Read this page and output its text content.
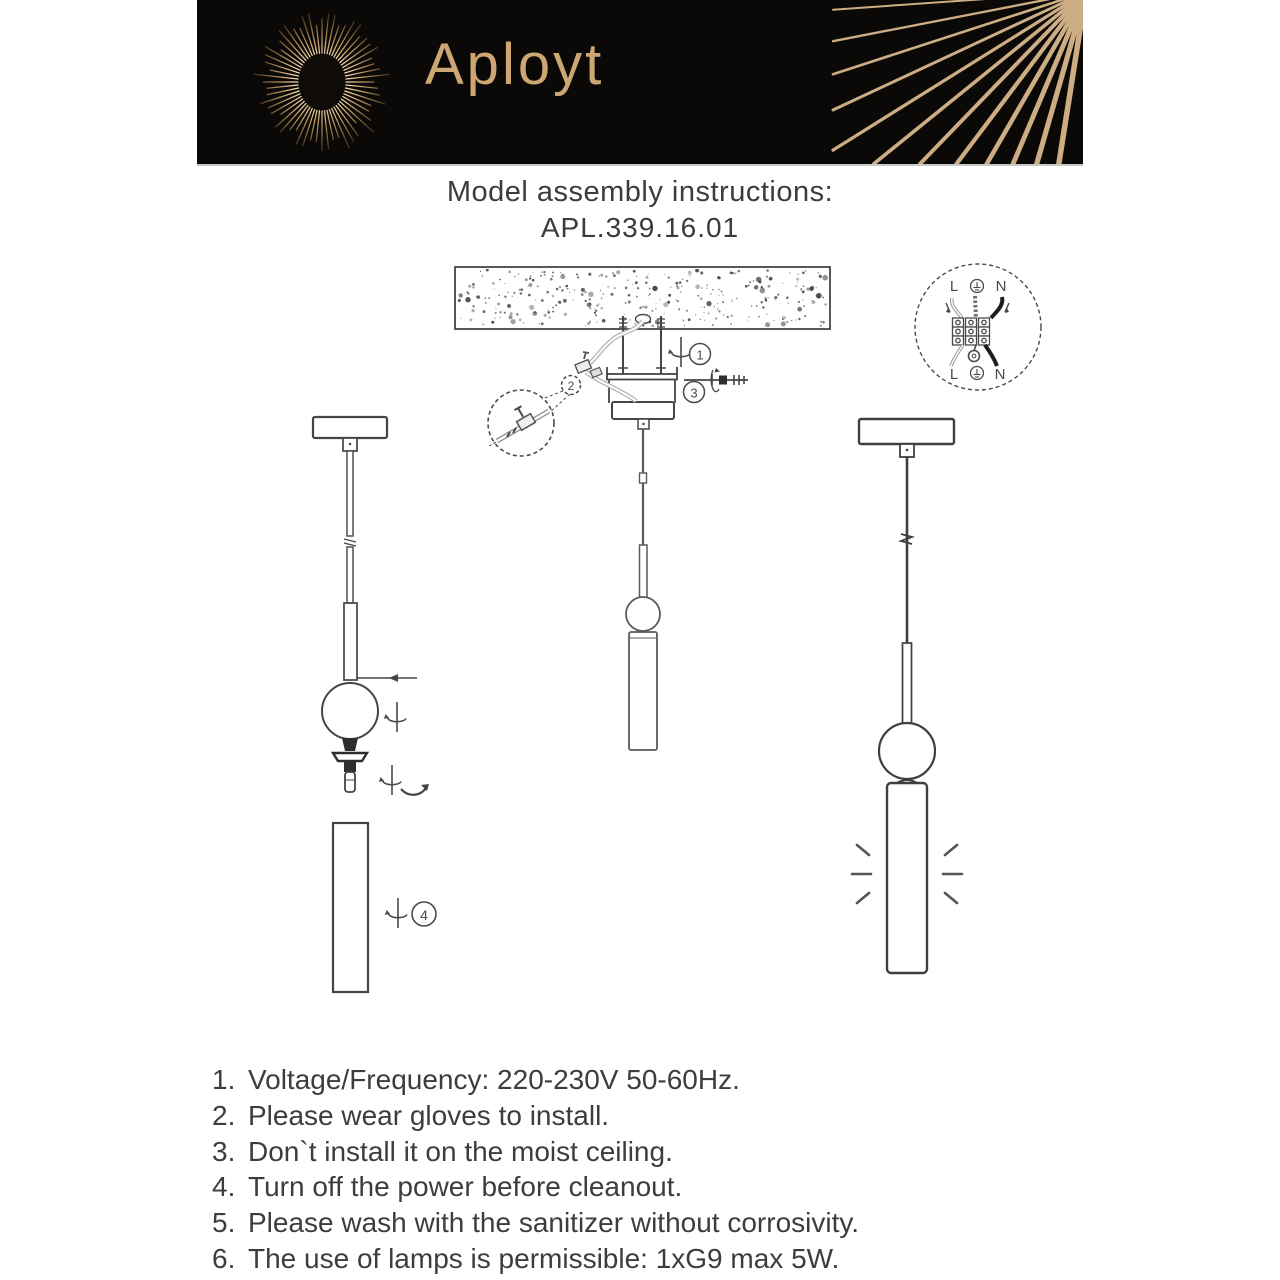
Aployt
Model assembly instructions:
APL.339.16.01
2
1
3
L N
L N
4
1. Voltage/Frequency: 220-230V 50-60Hz.
2. Please wear gloves to install.
3. Don`t install it on the moist ceiling.
4. Turn off the power before cleanout.
5. Please wash with the sanitizer without corrosivity.
6. The use of lamps is permissible: 1xG9 max 5W.
